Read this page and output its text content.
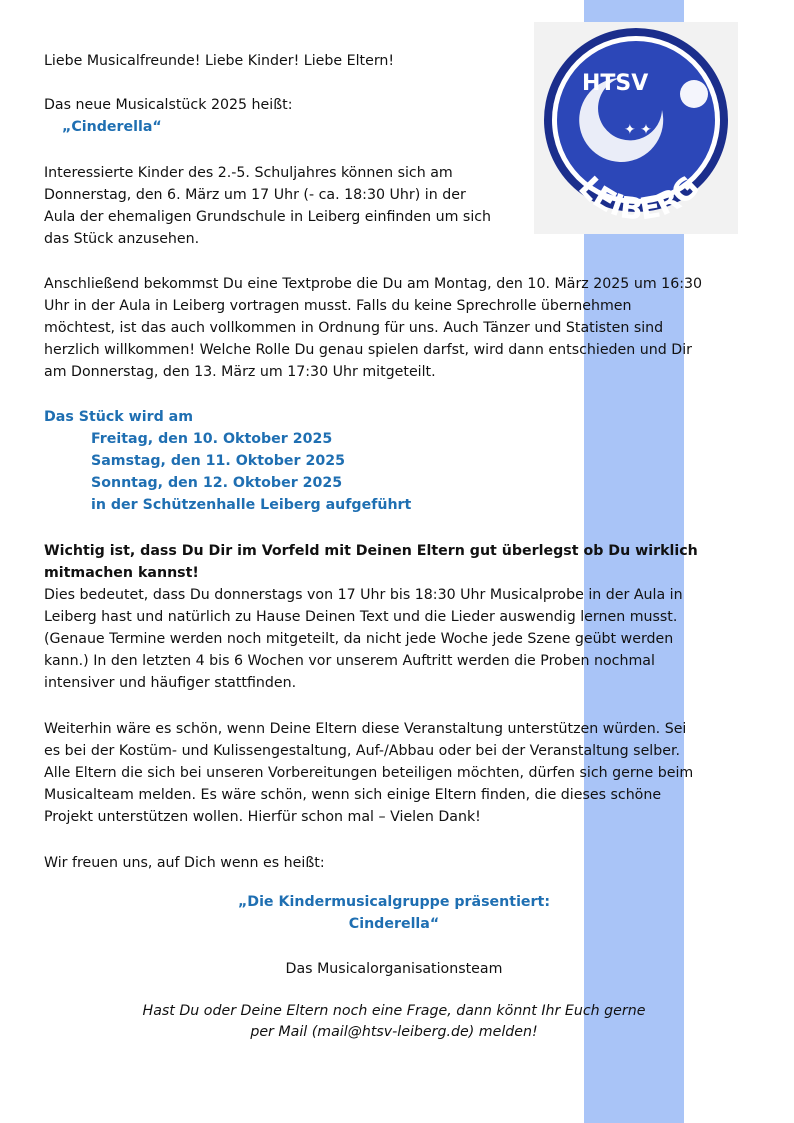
HTSV
✦ ✦
LEIBERG
Liebe Musicalfreunde! Liebe Kinder! Liebe Eltern!
Das neue Musicalstück 2025 heißt:
„Cinderella“
Interessierte Kinder des 2.-5. Schuljahres können sich am
Donnerstag, den 6. März um 17 Uhr (- ca. 18:30 Uhr) in der
Aula der ehemaligen Grundschule in Leiberg einfinden um sich
das Stück anzusehen.
Anschließend bekommst Du eine Textprobe die Du am Montag, den 10. März 2025 um 16:30
Uhr in der Aula in Leiberg vortragen musst. Falls du keine Sprechrolle übernehmen
möchtest, ist das auch vollkommen in Ordnung für uns. Auch Tänzer und Statisten sind
herzlich willkommen! Welche Rolle Du genau spielen darfst, wird dann entschieden und Dir
am Donnerstag, den 13. März um 17:30 Uhr mitgeteilt.
Das Stück wird am
Freitag, den 10. Oktober 2025
Samstag, den 11. Oktober 2025
Sonntag, den 12. Oktober 2025
in der Schützenhalle Leiberg aufgeführt
Wichtig ist, dass Du Dir im Vorfeld mit Deinen Eltern gut überlegst ob Du wirklich
mitmachen kannst!
Dies bedeutet, dass Du donnerstags von 17 Uhr bis 18:30 Uhr Musicalprobe in der Aula in
Leiberg hast und natürlich zu Hause Deinen Text und die Lieder auswendig lernen musst.
(Genaue Termine werden noch mitgeteilt, da nicht jede Woche jede Szene geübt werden
kann.) In den letzten 4 bis 6 Wochen vor unserem Auftritt werden die Proben nochmal
intensiver und häufiger stattfinden.
Weiterhin wäre es schön, wenn Deine Eltern diese Veranstaltung unterstützen würden. Sei
es bei der Kostüm- und Kulissengestaltung, Auf-/Abbau oder bei der Veranstaltung selber.
Alle Eltern die sich bei unseren Vorbereitungen beteiligen möchten, dürfen sich gerne beim
Musicalteam melden. Es wäre schön, wenn sich einige Eltern finden, die dieses schöne
Projekt unterstützen wollen. Hierfür schon mal – Vielen Dank!
Wir freuen uns, auf Dich wenn es heißt:
„Die Kindermusicalgruppe präsentiert:
Cinderella“
Das Musicalorganisationsteam
Hast Du oder Deine Eltern noch eine Frage, dann könnt Ihr Euch gerne
per Mail (mail@htsv-leiberg.de) melden!
